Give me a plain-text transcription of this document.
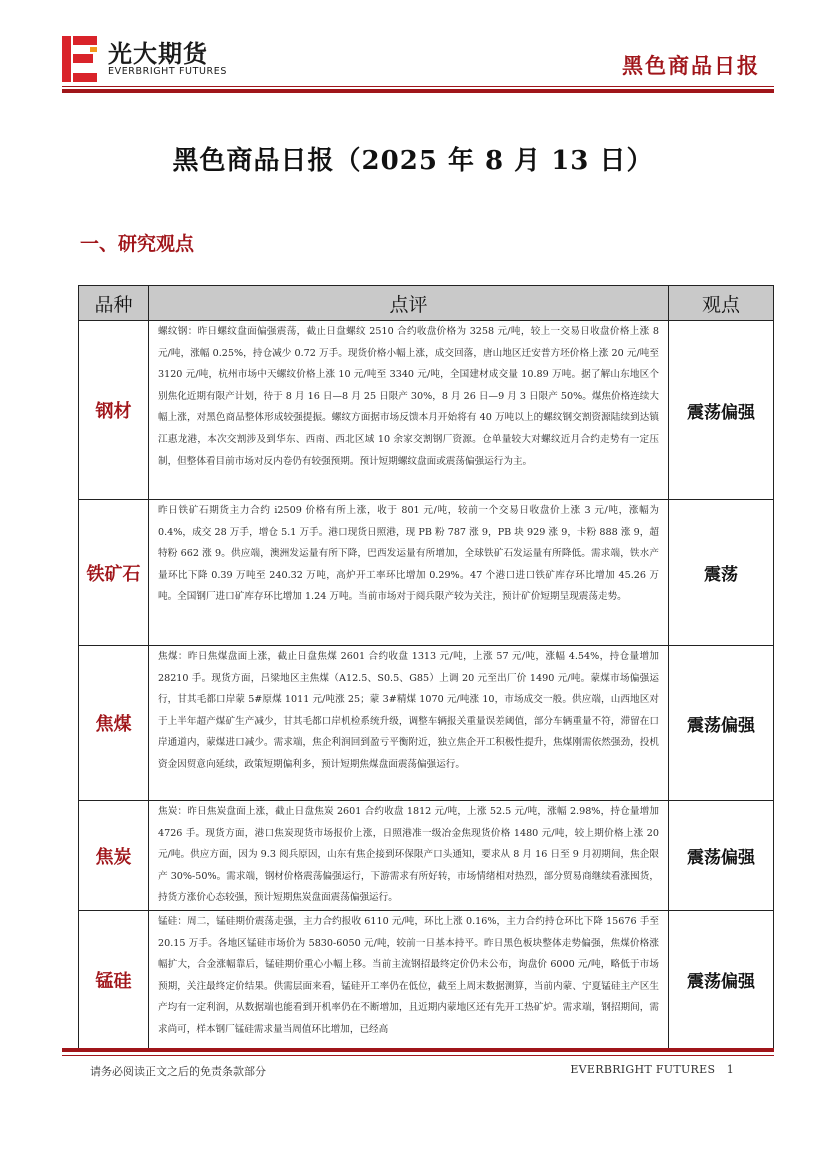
光大期货
EVERBRIGHT FUTURES	黑色商品日报
黑色商品日报（2025 年 8 月 13 日）
一、研究观点
品种	点评	观点
钢材	螺纹钢：昨日螺纹盘面偏强震荡，截止日盘螺纹 2510 合约收盘价格为 3258 元/吨，较上一交易日收盘价格上涨 8 元/吨，涨幅 0.25%，持仓减少 0.72 万手。现货价格小幅上涨，成交回落，唐山地区迁安普方坯价格上涨 20 元/吨至 3120 元/吨，杭州市场中天螺纹价格上涨 10 元/吨至 3340 元/吨，全国建材成交量 10.89 万吨。据了解山东地区个别焦化近期有限产计划，待于 8 月 16 日—8 月 25 日限产 30%，8 月 26 日—9 月 3 日限产 50%。煤焦价格连续大幅上涨，对黑色商品整体形成较强提振。螺纹方面据市场反馈本月开始将有 40 万吨以上的螺纹钢交割资源陆续到达镇江惠龙港，本次交割涉及到华东、西南、西北区域 10 余家交割钢厂资源。仓单量较大对螺纹近月合约走势有一定压制，但整体看目前市场对反内卷仍有较强预期。预计短期螺纹盘面或震荡偏强运行为主。	震荡偏强
铁矿石	昨日铁矿石期货主力合约 i2509 价格有所上涨，收于 801 元/吨，较前一个交易日收盘价上涨 3 元/吨，涨幅为 0.4%，成交 28 万手，增仓 5.1 万手。港口现货日照港，现 PB 粉 787 涨 9，PB 块 929 涨 9，卡粉 888 涨 9，超特粉 662 涨 9。供应端，澳洲发运量有所下降，巴西发运量有所增加，全球铁矿石发运量有所降低。需求端，铁水产量环比下降 0.39 万吨至 240.32 万吨，高炉开工率环比增加 0.29%。47 个港口进口铁矿库存环比增加 45.26 万吨。全国钢厂进口矿库存环比增加 1.24 万吨。当前市场对于阅兵限产较为关注，预计矿价短期呈现震荡走势。	震荡
焦煤	焦煤：昨日焦煤盘面上涨，截止日盘焦煤 2601 合约收盘 1313 元/吨，上涨 57 元/吨，涨幅 4.54%，持仓量增加 28210 手。现货方面，吕梁地区主焦煤（A12.5、S0.5、G85）上调 20 元至出厂价 1490 元/吨。蒙煤市场偏强运行，甘其毛都口岸蒙 5#原煤 1011 元/吨涨 25；蒙 3#精煤 1070 元/吨涨 10，市场成交一般。供应端，山西地区对于上半年超产煤矿生产减少，甘其毛都口岸机检系统升级，调整车辆报关重量误差阈值，部分车辆重量不符，滞留在口岸通道内，蒙煤进口减少。需求端，焦企利润回到盈亏平衡附近，独立焦企开工积极性提升，焦煤刚需依然强劲，投机资金因贸意向延续，政策短期偏利多，预计短期焦煤盘面震荡偏强运行。	震荡偏强
焦炭	焦炭：昨日焦炭盘面上涨，截止日盘焦炭 2601 合约收盘 1812 元/吨，上涨 52.5 元/吨，涨幅 2.98%，持仓量增加 4726 手。现货方面，港口焦炭现货市场报价上涨，日照港准一级冶金焦现货价格 1480 元/吨，较上期价格上涨 20 元/吨。供应方面，因为 9.3 阅兵原因，山东有焦企接到环保限产口头通知，要求从 8 月 16 日至 9 月初期间，焦企限产 30%-50%。需求端，钢材价格震荡偏强运行，下游需求有所好转，市场情绪相对热烈，部分贸易商继续看涨囤货，持货方涨价心态较强，预计短期焦炭盘面震荡偏强运行。	震荡偏强
锰硅	锰硅：周二，锰硅期价震荡走强，主力合约报收 6110 元/吨，环比上涨 0.16%，主力合约持仓环比下降 15676 手至 20.15 万手。各地区锰硅市场价为 5830-6050 元/吨，较前一日基本持平。昨日黑色板块整体走势偏强，焦煤价格涨幅扩大，合金涨幅靠后，锰硅期价重心小幅上移。当前主流钢招最终定价仍未公布，询盘价 6000 元/吨，略低于市场预期，关注最终定价结果。供需层面来看，锰硅开工率仍在低位，截至上周末数据测算，当前内蒙、宁夏锰硅主产区生产均有一定利润，从数据端也能看到开机率仍在不断增加，且近期内蒙地区还有先开工热矿炉。需求端，钢招期间，需求尚可，样本钢厂锰硅需求量当周值环比增加，已经高	震荡偏强
请务必阅读正文之后的免责条款部分	EVERBRIGHT FUTURES 1
